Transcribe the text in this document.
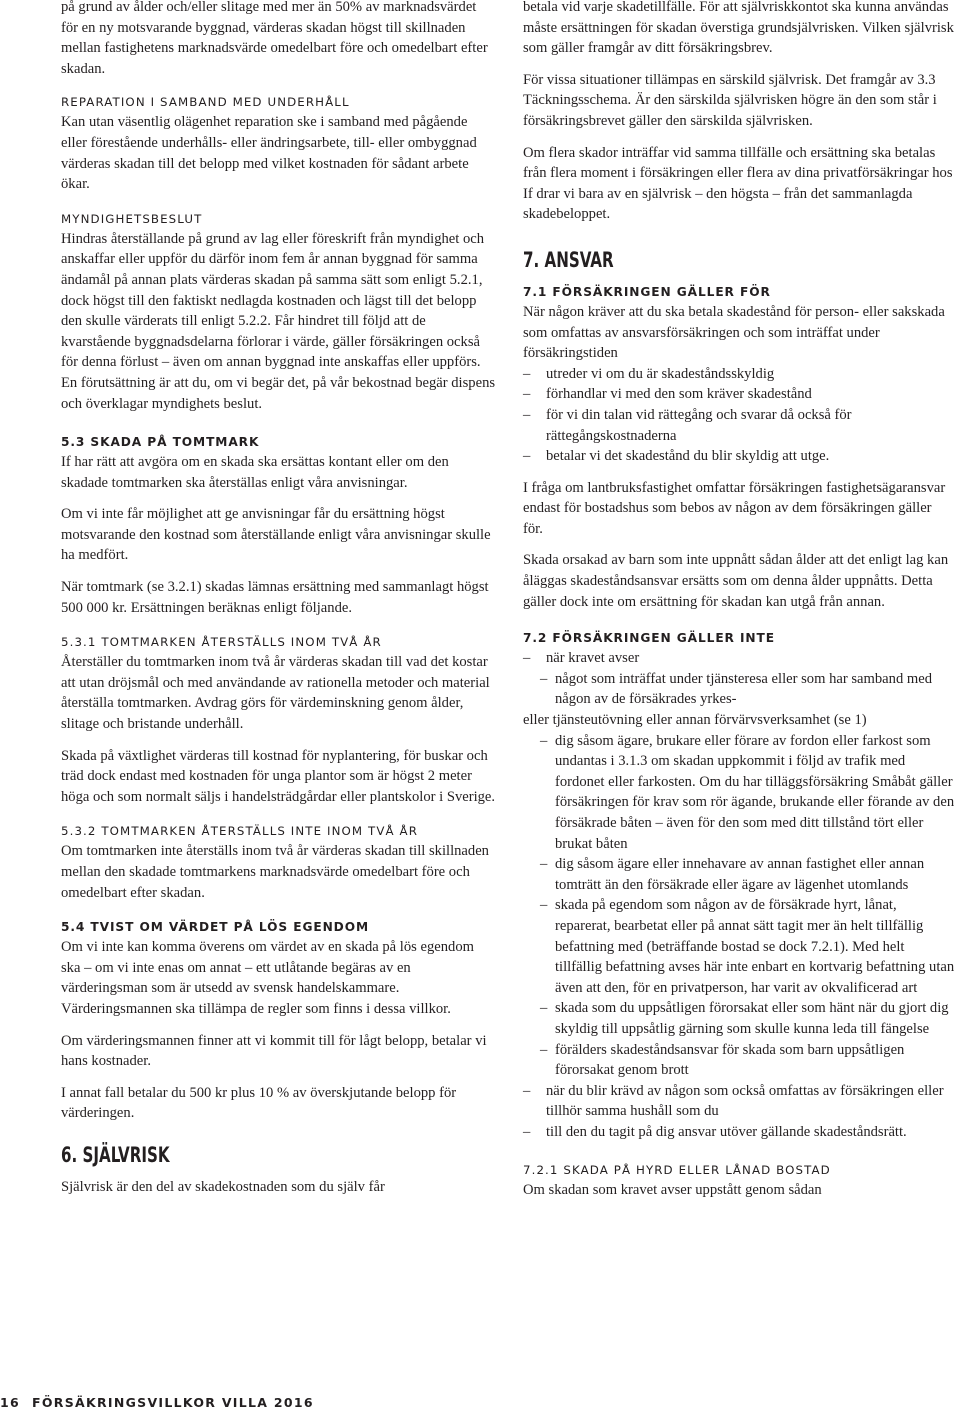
på grund av ålder och/eller slitage med mer än 50% av marknadsvärdet för en ny motsvarande byggnad, värderas skadan högst till skillnaden mellan fastighetens marknadsvärde omedelbart före och omedelbart efter skadan.

REPARATION I SAMBAND MED UNDERHÅLL

Kan utan väsentlig olägenhet reparation ske i samband med pågående eller förestående underhålls- eller ändringsarbete, till- eller ombyggnad värderas skadan till det belopp med vilket kostnaden för sådant arbete ökar.

MYNDIGHETSBESLUT

Hindras återställande på grund av lag eller föreskrift från myndighet och anskaffar eller uppför du därför inom fem år annan byggnad för samma ändamål på annan plats värderas skadan på samma sätt som enligt 5.2.1, dock högst till den faktiskt nedlagda kostnaden och lägst till det belopp den skulle värderats till enligt 5.2.2. Får hindret till följd att de kvarstående byggnadsdelarna förlorar i värde, gäller försäkringen också för denna förlust – även om annan byggnad inte anskaffas eller uppförs. En förutsättning är att du, om vi begär det, på vår bekostnad begär dispens och överklagar myndighets beslut.

5.3 SKADA PÅ TOMTMARK

If har rätt att avgöra om en skada ska ersättas kontant eller om den skadade tomtmarken ska återställas enligt våra anvisningar.

Om vi inte får möjlighet att ge anvisningar får du ersättning högst motsvarande den kostnad som återställande enligt våra anvisningar skulle ha medfört.

När tomtmark (se 3.2.1) skadas lämnas ersättning med sammanlagt högst 500 000 kr. Ersättningen beräknas enligt följande.

5.3.1 TOMTMARKEN ÅTERSTÄLLS INOM TVÅ ÅR

Återställer du tomtmarken inom två år värderas skadan till vad det kostar att utan dröjsmål och med användande av rationella metoder och material återställa tomtmarken. Avdrag görs för värdeminskning genom ålder, slitage och bristande underhåll.

Skada på växtlighet värderas till kostnad för nyplantering, för buskar och träd dock endast med kostnaden för unga plantor som är högst 2 meter höga och som normalt säljs i handelsträdgårdar eller plantskolor i Sverige.

5.3.2 TOMTMARKEN ÅTERSTÄLLS INTE INOM TVÅ ÅR

Om tomtmarken inte återställs inom två år värderas skadan till skillnaden mellan den skadade tomtmarkens marknadsvärde omedelbart före och omedelbart efter skadan.

5.4 TVIST OM VÄRDET PÅ LÖS EGENDOM

Om vi inte kan komma överens om värdet av en skada på lös egendom ska – om vi inte enas om annat – ett utlåtande begäras av en värderingsman som är utsedd av svensk handelskammare. Värderingsmannen ska tillämpa de regler som finns i dessa villkor.

Om värderingsmannen finner att vi kommit till för lågt belopp, betalar vi hans kostnader.

I annat fall betalar du 500 kr plus 10 % av överskjutande belopp för värderingen.

6. SJÄLVRISK

Självrisk är den del av skadekostnaden som du själv får

betala vid varje skadetillfälle. För att självriskkontot ska kunna användas måste ersättningen för skadan överstiga grundsjälvrisken. Vilken självrisk som gäller framgår av ditt försäkringsbrev.

För vissa situationer tillämpas en särskild självrisk. Det framgår av 3.3 Täckningsschema. Är den särskilda självrisken högre än den som står i försäkringsbrevet gäller den särskilda självrisken.

Om flera skador inträffar vid samma tillfälle och ersättning ska betalas från flera moment i försäkringen eller flera av dina privatförsäkringar hos If drar vi bara av en självrisk – den högsta – från det sammanlagda skadebeloppet.

7. ANSVAR
7.1 FÖRSÄKRINGEN GÄLLER FÖR
När någon kräver att du ska betala skadestånd för person- eller sakskada som omfattas av ansvarsförsäkringen och som inträffat under försäkringstiden
– utreder vi om du är skadeståndsskyldig
– förhandlar vi med den som kräver skadestånd
– för vi din talan vid rättegång och svarar då också för rättegångskostnaderna
– betalar vi det skadestånd du blir skyldig att utge.

I fråga om lantbruksfastighet omfattar försäkringen fastighetsägaransvar endast för bostadshus som bebos av någon av dem försäkringen gäller för.

Skada orsakad av barn som inte uppnått sådan ålder att det enligt lag kan åläggas skadeståndsansvar ersätts som om denna ålder uppnåtts. Detta gäller dock inte om ersättning för skadan kan utgå från annan.

7.2 FÖRSÄKRINGEN GÄLLER INTE
– när kravet avser
– något som inträffat under tjänsteresa eller som har samband med någon av de försäkrades yrkes-
eller tjänsteutövning eller annan förvärvsverksamhet (se 1)
– dig såsom ägare, brukare eller förare av fordon eller farkost som undantas i 3.1.3 om skadan uppkommit i följd av trafik med fordonet eller farkosten. Om du har tilläggsförsäkring Småbåt gäller försäkringen för krav som rör ägande, brukande eller förande av den försäkrade båten – även för den som med ditt tillstånd tört eller brukat båten
– dig såsom ägare eller innehavare av annan fastighet eller annan tomträtt än den försäkrade eller ägare av lägenhet utomlands
– skada på egendom som någon av de försäkrade hyrt, lånat, reparerat, bearbetat eller på annat sätt tagit mer än helt tillfällig befattning med (beträffande bostad se dock 7.2.1). Med helt tillfällig befattning avses här inte enbart en kortvarig befattning utan även att den, för en privatperson, har varit av okvalificerad art
– skada som du uppsåtligen förorsakat eller som hänt när du gjort dig skyldig till uppsåtlig gärning som skulle kunna leda till fängelse
– förälders skadeståndsansvar för skada som barn uppsåtligen förorsakat genom brott
– när du blir krävd av någon som också omfattas av försäkringen eller tillhör samma hushåll som du
– till den du tagit på dig ansvar utöver gällande skadeståndsrätt.
7.2.1 SKADA PÅ HYRD ELLER LÅNAD BOSTAD

Om skadan som kravet avser uppstått genom sådan

16 FÖRSÄKRINGSVILLKOR VILLA 2016
